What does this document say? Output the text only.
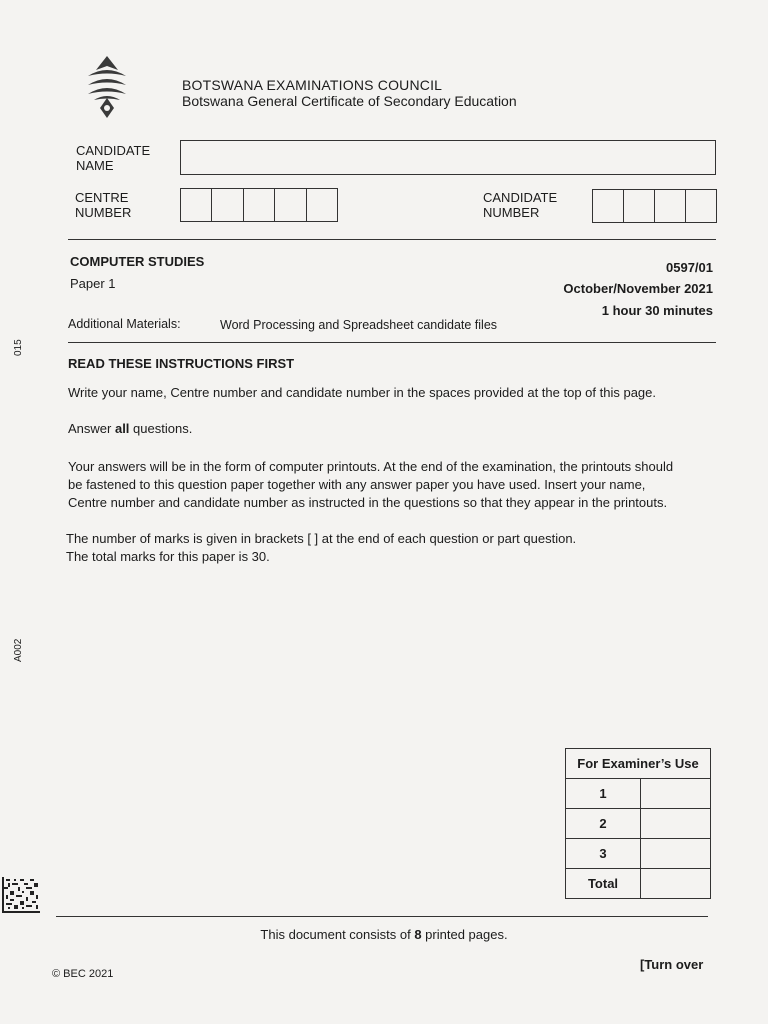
BOTSWANA EXAMINATIONS COUNCIL
Botswana General Certificate of Secondary Education
CANDIDATE
NAME
CENTRE
NUMBER
CANDIDATE
NUMBER
COMPUTER STUDIES
Paper 1
0597/01
October/November 2021
1 hour 30 minutes
Additional Materials:	Word Processing and Spreadsheet candidate files
READ THESE INSTRUCTIONS FIRST
Write your name, Centre number and candidate number in the spaces provided at the top of this page.
Answer all questions.
Your answers will be in the form of computer printouts. At the end of the examination, the printouts should
be fastened to this question paper together with any answer paper you have used. Insert your name,
Centre number and candidate number as instructed in the questions so that they appear in the printouts.
The number of marks is given in brackets [ ] at the end of each question or part question.
The total marks for this paper is 30.
For Examiner’s Use	
1	
2	
3	
Total	
015
A002
This document consists of 8 printed pages.
© BEC 2021
[Turn over
